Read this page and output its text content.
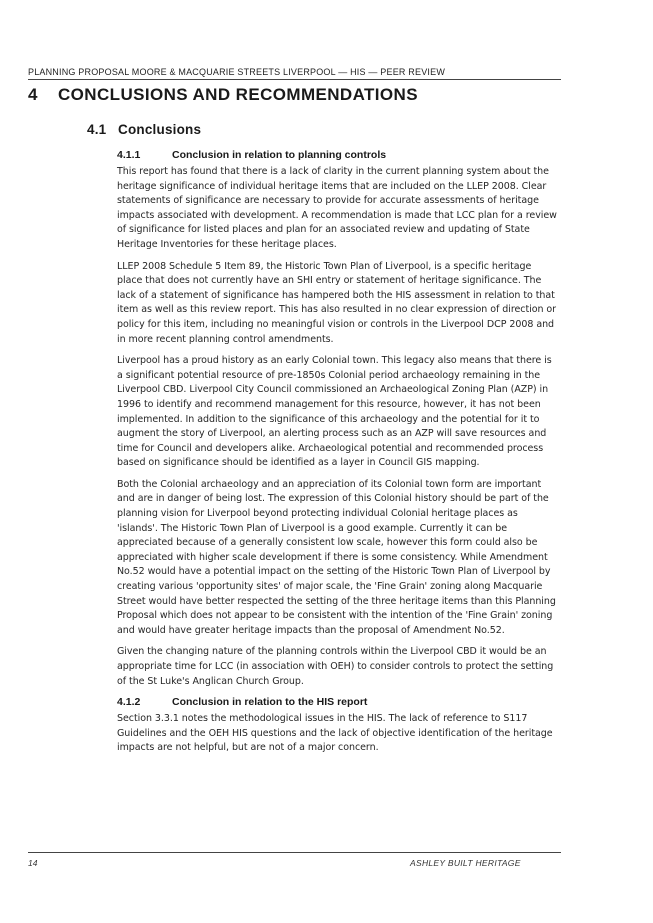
PLANNING PROPOSAL MOORE & MACQUARIE STREETS LIVERPOOL — HIS — PEER REVIEW
4 CONCLUSIONS AND RECOMMENDATIONS
4.1 Conclusions
4.1.1	Conclusion in relation to planning controls

This report has found that there is a lack of clarity in the current planning system about the heritage significance of individual heritage items that are included on the LLEP 2008. Clear statements of significance are necessary to provide for accurate assessments of heritage impacts associated with development. A recommendation is made that LCC plan for a review of significance for listed places and plan for an associated review and updating of State Heritage Inventories for these heritage places.

LLEP 2008 Schedule 5 Item 89, the Historic Town Plan of Liverpool, is a specific heritage place that does not currently have an SHI entry or statement of heritage significance. The lack of a statement of significance has hampered both the HIS assessment in relation to that item as well as this review report. This has also resulted in no clear expression of direction or policy for this item, including no meaningful vision or controls in the Liverpool DCP 2008 and in more recent planning control amendments.

Liverpool has a proud history as an early Colonial town. This legacy also means that there is a significant potential resource of pre-1850s Colonial period archaeology remaining in the Liverpool CBD. Liverpool City Council commissioned an Archaeological Zoning Plan (AZP) in 1996 to identify and recommend management for this resource, however, it has not been implemented. In addition to the significance of this archaeology and the potential for it to augment the story of Liverpool, an alerting process such as an AZP will save resources and time for Council and developers alike. Archaeological potential and recommended process based on significance should be identified as a layer in Council GIS mapping.

Both the Colonial archaeology and an appreciation of its Colonial town form are important and are in danger of being lost. The expression of this Colonial history should be part of the planning vision for Liverpool beyond protecting individual Colonial heritage places as 'islands'. The Historic Town Plan of Liverpool is a good example. Currently it can be appreciated because of a generally consistent low scale, however this form could also be appreciated with higher scale development if there is some consistency. While Amendment No.52 would have a potential impact on the setting of the Historic Town Plan of Liverpool by creating various 'opportunity sites' of major scale, the 'Fine Grain' zoning along Macquarie Street would have better respected the setting of the three heritage items than this Planning Proposal which does not appear to be consistent with the intention of the 'Fine Grain' zoning and would have greater heritage impacts than the proposal of Amendment No.52.

Given the changing nature of the planning controls within the Liverpool CBD it would be an appropriate time for LCC (in association with OEH) to consider controls to protect the setting of the St Luke's Anglican Church Group.

4.1.2	Conclusion in relation to the HIS report

Section 3.3.1 notes the methodological issues in the HIS. The lack of reference to S117 Guidelines and the OEH HIS questions and the lack of objective identification of the heritage impacts are not helpful, but are not of a major concern.

14	ASHLEY BUILT HERITAGE
